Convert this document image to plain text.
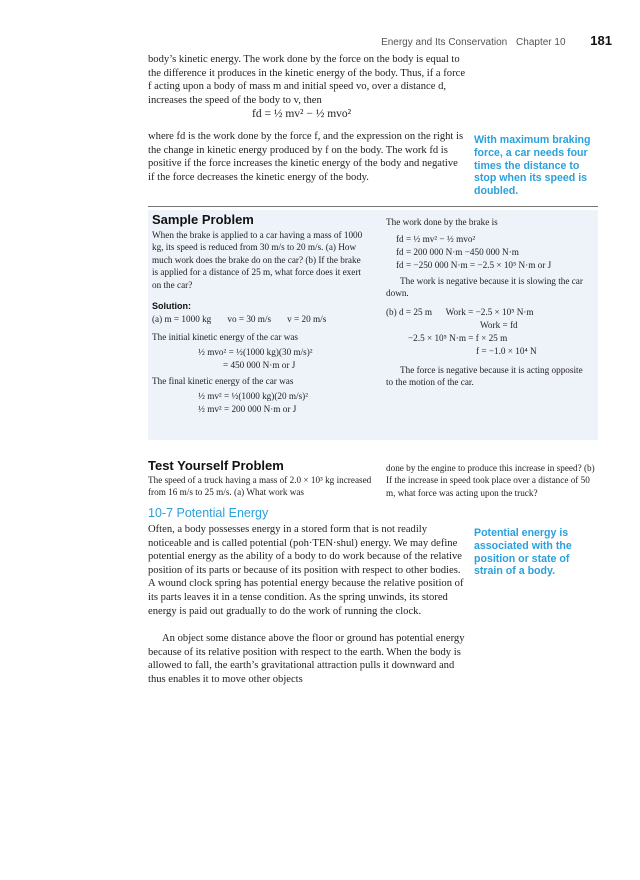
Energy and Its Conservation Chapter 10 181

body’s kinetic energy. The work done by the force on the body is equal to the difference it produces in the kinetic energy of the body. Thus, if a force f acting upon a body of mass m and initial speed vo, over a distance d, increases the speed of the body to v, then

fd = ½ mv² − ½ mvo²

where fd is the work done by the force f, and the expression on the right is the change in kinetic energy produced by f on the body. The work fd is positive if the force increases the kinetic energy of the body and negative if the force decreases the kinetic energy of the body.

With maximum braking force, a car needs four times the distance to stop when its speed is doubled.
Sample Problem

When the brake is applied to a car having a mass of 1000 kg, its speed is reduced from 30 m/s to 20 m/s. (a) How much work does the brake do on the car? (b) If the brake is applied for a distance of 25 m, what force does it exert on the car?

Solution:
(a) m = 1000 kg       vo = 30 m/s       v = 20 m/s
The initial kinetic energy of the car was
½ mvo² = ½(1000 kg)(30 m/s)²
= 450 000 N·m or J
The final kinetic energy of the car was
½ mv² = ½(1000 kg)(20 m/s)²
½ mv² = 200 000 N·m or J
The work done by the brake is
fd = ½ mv² − ½ mvo²
fd = 200 000 N·m −450 000 N·m
fd = −250 000 N·m = −2.5 × 10⁵ N·m or J

The work is negative because it is slowing the car down.

(b) d = 25 m      Work = −2.5 × 10⁵ N·m
Work = fd
−2.5 × 10⁵ N·m = f × 25 m
f = −1.0 × 10⁴ N

The force is negative because it is acting opposite to the motion of the car.

Test Yourself Problem

The speed of a truck having a mass of 2.0 × 10³ kg increased from 16 m/s to 25 m/s. (a) What work was

done by the engine to produce this increase in speed? (b) If the increase in speed took place over a distance of 50 m, what force was acting upon the truck?

10-7 Potential Energy

Often, a body possesses energy in a stored form that is not readily noticeable and is called potential (poh·TEN·shul) energy. We may define potential energy as the ability of a body to do work because of the relative position of its parts or because of its position with respect to other bodies. A wound clock spring has potential energy because the relative position of its parts leaves it in a tense condition. As the spring unwinds, its stored energy is paid out gradually to do the work of running the clock.

An object some distance above the floor or ground has potential energy because of its relative position with respect to the earth. When the body is allowed to fall, the earth’s gravitational attraction pulls it downward and thus enables it to move other objects

Potential energy is associated with the position or state of strain of a body.
